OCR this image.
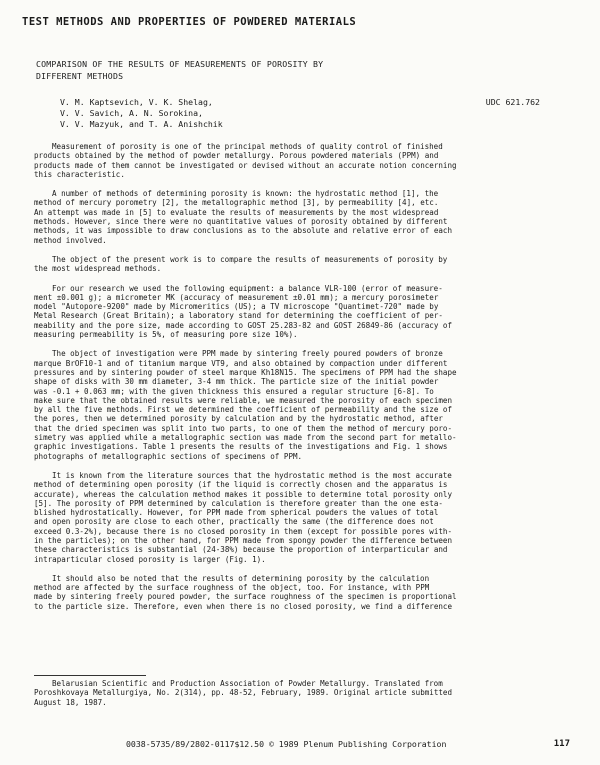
TEST METHODS AND PROPERTIES OF POWDERED MATERIALS
COMPARISON OF THE RESULTS OF MEASUREMENTS OF POROSITY BY
DIFFERENT METHODS
V. M. Kaptsevich, V. K. Shelag,
V. V. Savich, A. N. Sorokina,
V. V. Mazyuk, and T. A. Anishchik
UDC 621.762

Measurement of porosity is one of the principal methods of quality control of finished
products obtained by the method of powder metallurgy. Porous powdered materials (PPM) and
products made of them cannot be investigated or devised without an accurate notion concerning
this characteristic.

A number of methods of determining porosity is known: the hydrostatic method [1], the
method of mercury porometry [2], the metallographic method [3], by permeability [4], etc.
An attempt was made in [5] to evaluate the results of measurements by the most widespread
methods. However, since there were no quantitative values of porosity obtained by different
methods, it was impossible to draw conclusions as to the absolute and relative error of each
method involved.

The object of the present work is to compare the results of measurements of porosity by
the most widespread methods.

For our research we used the following equipment: a balance VLR-100 (error of measure-
ment ±0.001 g); a micrometer MK (accuracy of measurement ±0.01 mm); a mercury porosimeter
model "Autopore-9200" made by Micromeritics (US); a TV microscope "Quantimet-720" made by
Metal Research (Great Britain); a laboratory stand for determining the coefficient of per-
meability and the pore size, made according to GOST 25.283-82 and GOST 26849-86 (accuracy of
measuring permeability is 5%, of measuring pore size 10%).

The object of investigation were PPM made by sintering freely poured powders of bronze
marque BrOF10-1 and of titanium marque VT9, and also obtained by compaction under different
pressures and by sintering powder of steel marque Kh18N15. The specimens of PPM had the shape
shape of disks with 30 mm diameter, 3-4 mm thick. The particle size of the initial powder
was -0.1 + 0.063 mm; with the given thickness this ensured a regular structure [6-8]. To
make sure that the obtained results were reliable, we measured the porosity of each specimen
by all the five methods. First we determined the coefficient of permeability and the size of
the pores, then we determined porosity by calculation and by the hydrostatic method, after
that the dried specimen was split into two parts, to one of them the method of mercury poro-
simetry was applied while a metallographic section was made from the second part for metallo-
graphic investigations. Table 1 presents the results of the investigations and Fig. 1 shows
photographs of metallographic sections of specimens of PPM.

It is known from the literature sources that the hydrostatic method is the most accurate
method of determining open porosity (if the liquid is correctly chosen and the apparatus is
accurate), whereas the calculation method makes it possible to determine total porosity only
[5]. The porosity of PPM determined by calculation is therefore greater than the one esta-
blished hydrostatically. However, for PPM made from spherical powders the values of total
and open porosity are close to each other, practically the same (the difference does not
exceed 0.3-2%), because there is no closed porosity in them (except for possible pores with-
in the particles); on the other hand, for PPM made from spongy powder the difference between
these characteristics is substantial (24-38%) because the proportion of interparticular and
intraparticular closed porosity is larger (Fig. 1).

It should also be noted that the results of determining porosity by the calculation
method are affected by the surface roughness of the object, too. For instance, with PPM
made by sintering freely poured powder, the surface roughness of the specimen is proportional
to the particle size. Therefore, even when there is no closed porosity, we find a difference

Belarusian Scientific and Production Association of Powder Metallurgy. Translated from
Poroshkovaya Metallurgiya, No. 2(314), pp. 48-52, February, 1989. Original article submitted
August 18, 1987.
0038-5735/89/2802-0117$12.50 © 1989 Plenum Publishing Corporation	117
